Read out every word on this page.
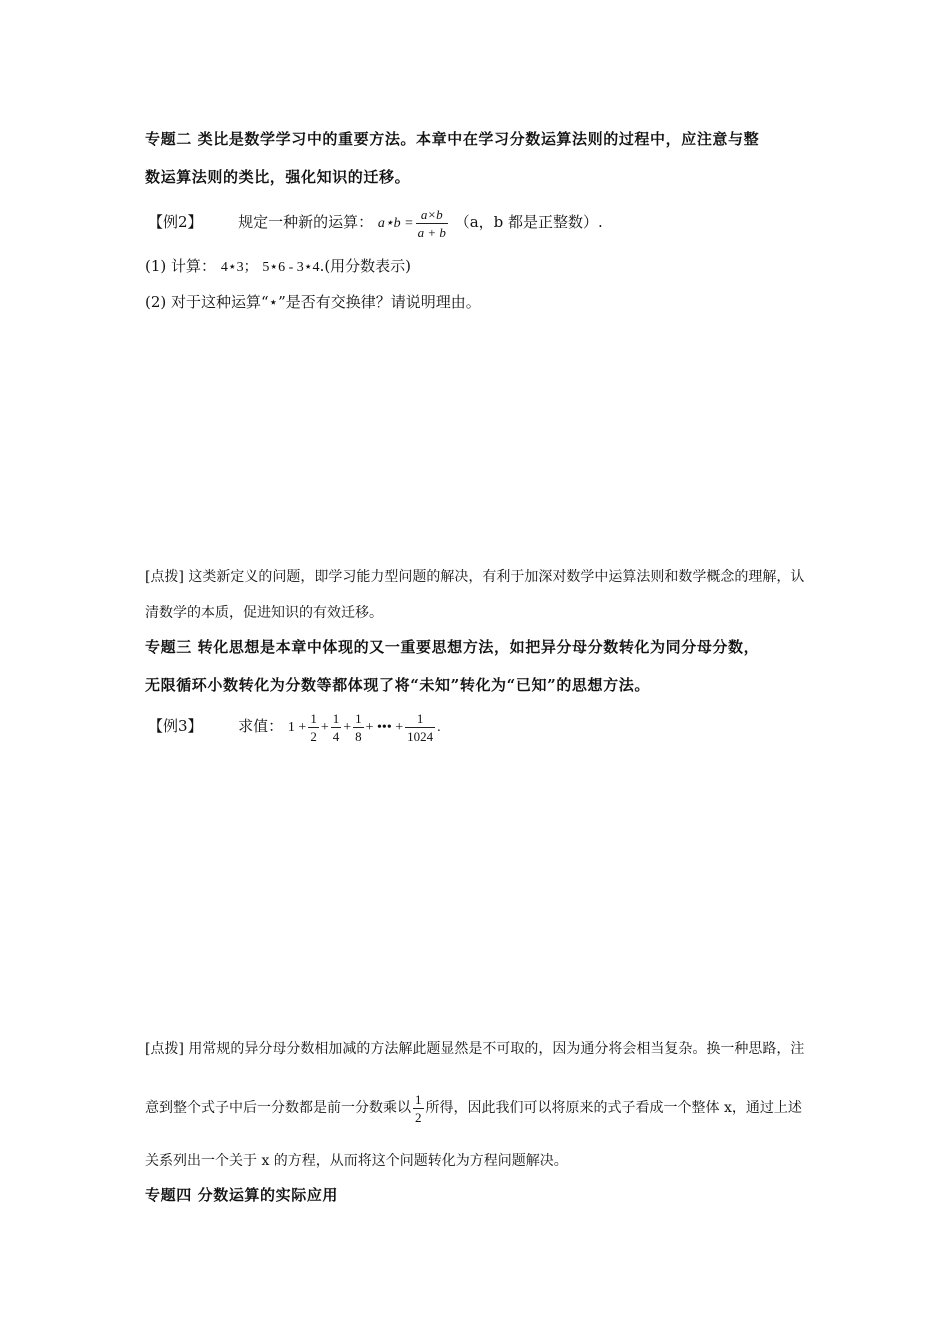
专题二 类比是数学学习中的重要方法。本章中在学习分数运算法则的过程中，应注意与整
数运算法则的类比，强化知识的迁移。
【例2】 规定一种新的运算： a⋆b = $\frac{a\times b}{a + b} (a$，b 都是正整数）.
(1) 计算： 4⋆3； 5⋆6 - 3⋆4.(用分数表示)
(2) 对于这种运算“⋆”是否有交换律？请说明理由。
[点拨] 这类新定义的问题，即学习能力型问题的解决，有利于加深对数学中运算法则和数学概念的理解，认
清数学的本质，促进知识的有效迁移。
专题三 转化思想是本章中体现的又一重要思想方法，如把异分母分数转化为同分母分数，
无限循环小数转化为分数等都体现了将“未知”转化为“已知”的思想方法。
【例3】 求值： $1 + \frac{1}{2} + \frac{1}{4} + \frac{1}{8}$ + ••• + $\frac{1}{1024}$ .
[点拨] 用常规的异分母分数相加减的方法解此题显然是不可取的，因为通分将会相当复杂。换一种思路，注
意到整个式子中后一分数都是前一分数乘以 $\frac{1}{2}$ 所得，因此我们可以将原来的式子看成一个整体 x，通过上述
关系列出一个关于 x 的方程，从而将这个问题转化为方程问题解决。
专题四 分数运算的实际应用
